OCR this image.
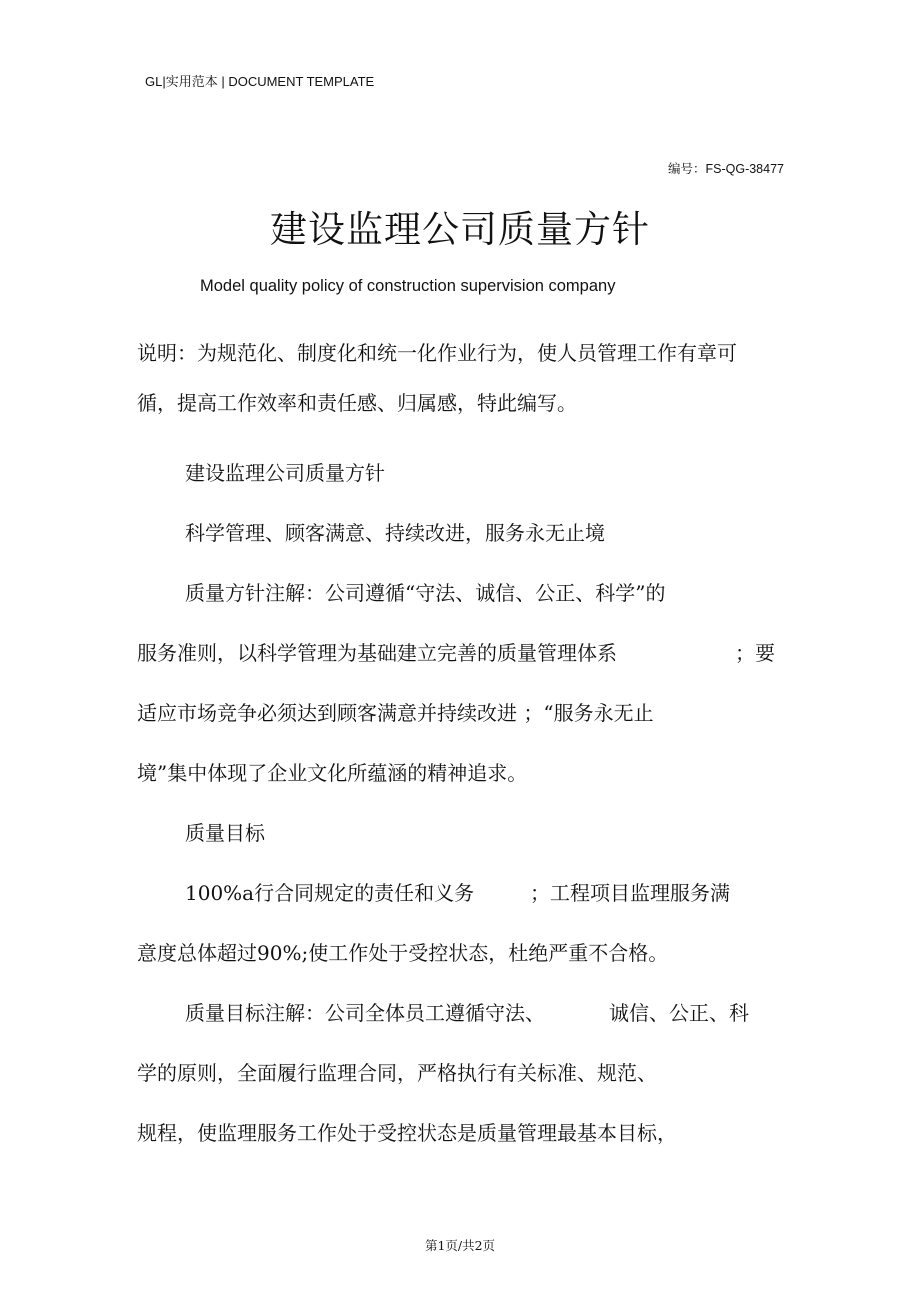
GL|实用范本 | DOCUMENT TEMPLATE
编号：FS-QG-38477
建设监理公司质量方针
Model quality policy of construction supervision company
说明：为规范化、制度化和统一化作业行为，使人员管理工作有章可
循，提高工作效率和责任感、归属感，特此编写。
建设监理公司质量方针
科学管理、顾客满意、持续改进，服务永无止境
质量方针注解：公司遵循“守法、诚信、公正、科学”的
服务准则，以科学管理为基础建立完善的质量管理体系	；要
适应市场竞争必须达到顾客满意并持续改进 ；“服务永无止
境”集中体现了企业文化所蕴涵的精神追求。
质量目标
100%a行合同规定的责任和义务	；工程项目监理服务满
意度总体超过90%;使工作处于受控状态，杜绝严重不合格。
质量目标注解：公司全体员工遵循守法、	诚信、公正、科
学的原则，全面履行监理合同，严格执行有关标准、规范、
规程，使监理服务工作处于受控状态是质量管理最基本目标，
第1页/共2页
